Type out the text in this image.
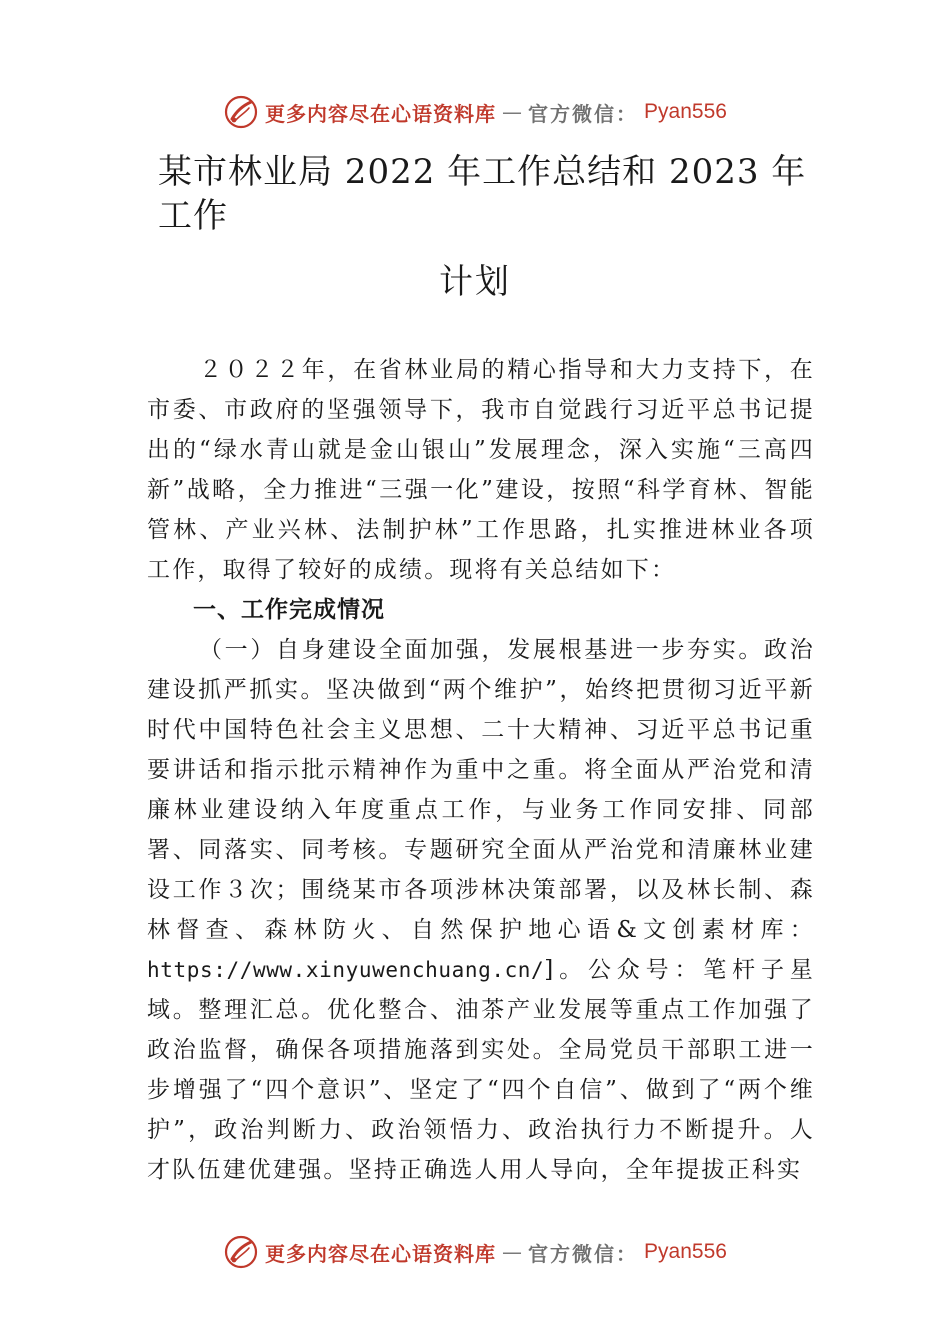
更多内容尽在心语资料库 — 官方微信： Pyan556
某市林业局 2022 年工作总结和 2023 年工作
计划

２０２２年，在省林业局的精心指导和大力支持下，在市委、市政府的坚强领导下，我市自觉践行习近平总书记提出的“绿水青山就是金山银山”发展理念，深入实施“三高四新”战略，全力推进“三强一化”建设，按照“科学育林、智能管林、产业兴林、法制护林”工作思路，扎实推进林业各项工作，取得了较好的成绩。现将有关总结如下：

一、工作完成情况

（一）自身建设全面加强，发展根基进一步夯实。政治建设抓严抓实。坚决做到“两个维护”，始终把贯彻习近平新时代中国特色社会主义思想、二十大精神、习近平总书记重要讲话和指示批示精神作为重中之重。将全面从严治党和清廉林业建设纳入年度重点工作，与业务工作同安排、同部署、同落实、同考核。专题研究全面从严治党和清廉林业建设工作３次；围绕某市各项涉林决策部署，以及林长制、森林督查、森林防火、自然保护地心语&文创素材库：https://www.xinyuwenchuang.cn/]。公众号：笔杆子星域。整理汇总。优化整合、油茶产业发展等重点工作加强了政治监督，确保各项措施落到实处。全局党员干部职工进一步增强了“四个意识”、坚定了“四个自信”、做到了“两个维护”，政治判断力、政治领悟力、政治执行力不断提升。人才队伍建优建强。坚持正确选人用人导向，全年提拔正科实

更多内容尽在心语资料库 — 官方微信： Pyan556
